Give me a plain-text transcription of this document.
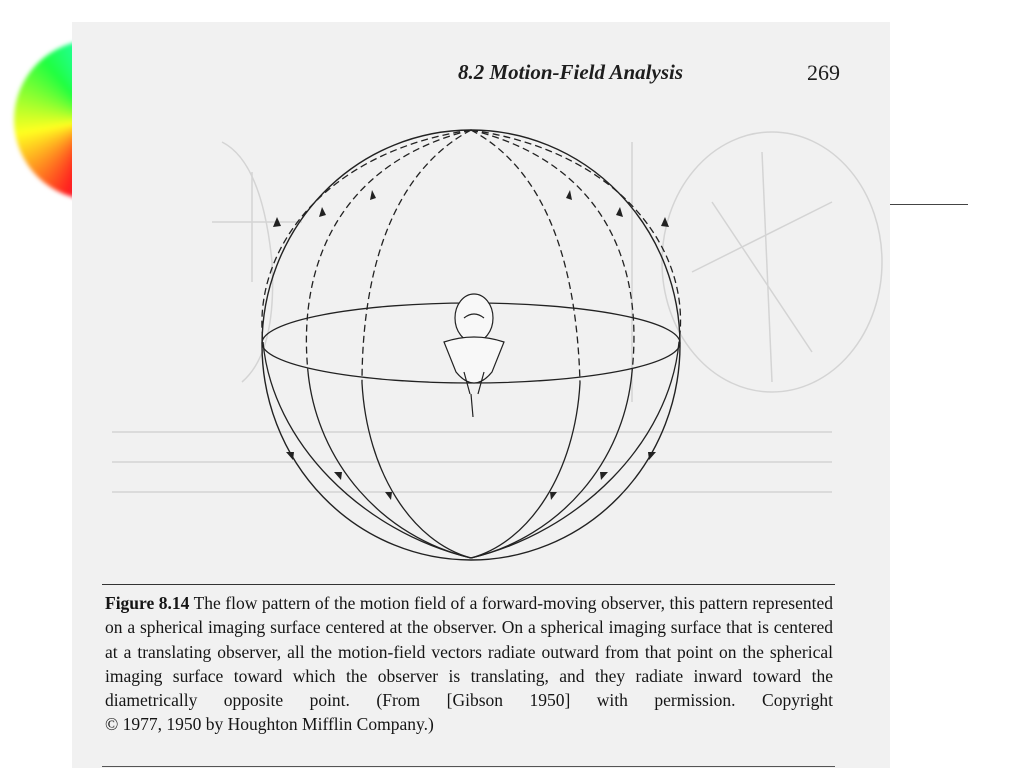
8.2 Motion-Field Analysis	269
Figure 8.14 The flow pattern of the motion field of a forward-moving observer, this pattern represented on a spherical imaging surface centered at the observer. On a spherical imaging surface that is centered at a translating observer, all the motion-field vectors radiate outward from that point on the spherical imaging surface toward which the observer is translating, and they radiate inward toward the diametrically opposite point. (From [Gibson 1950] with permission. Copyright
© 1977, 1950 by Houghton Mifflin Company.)
